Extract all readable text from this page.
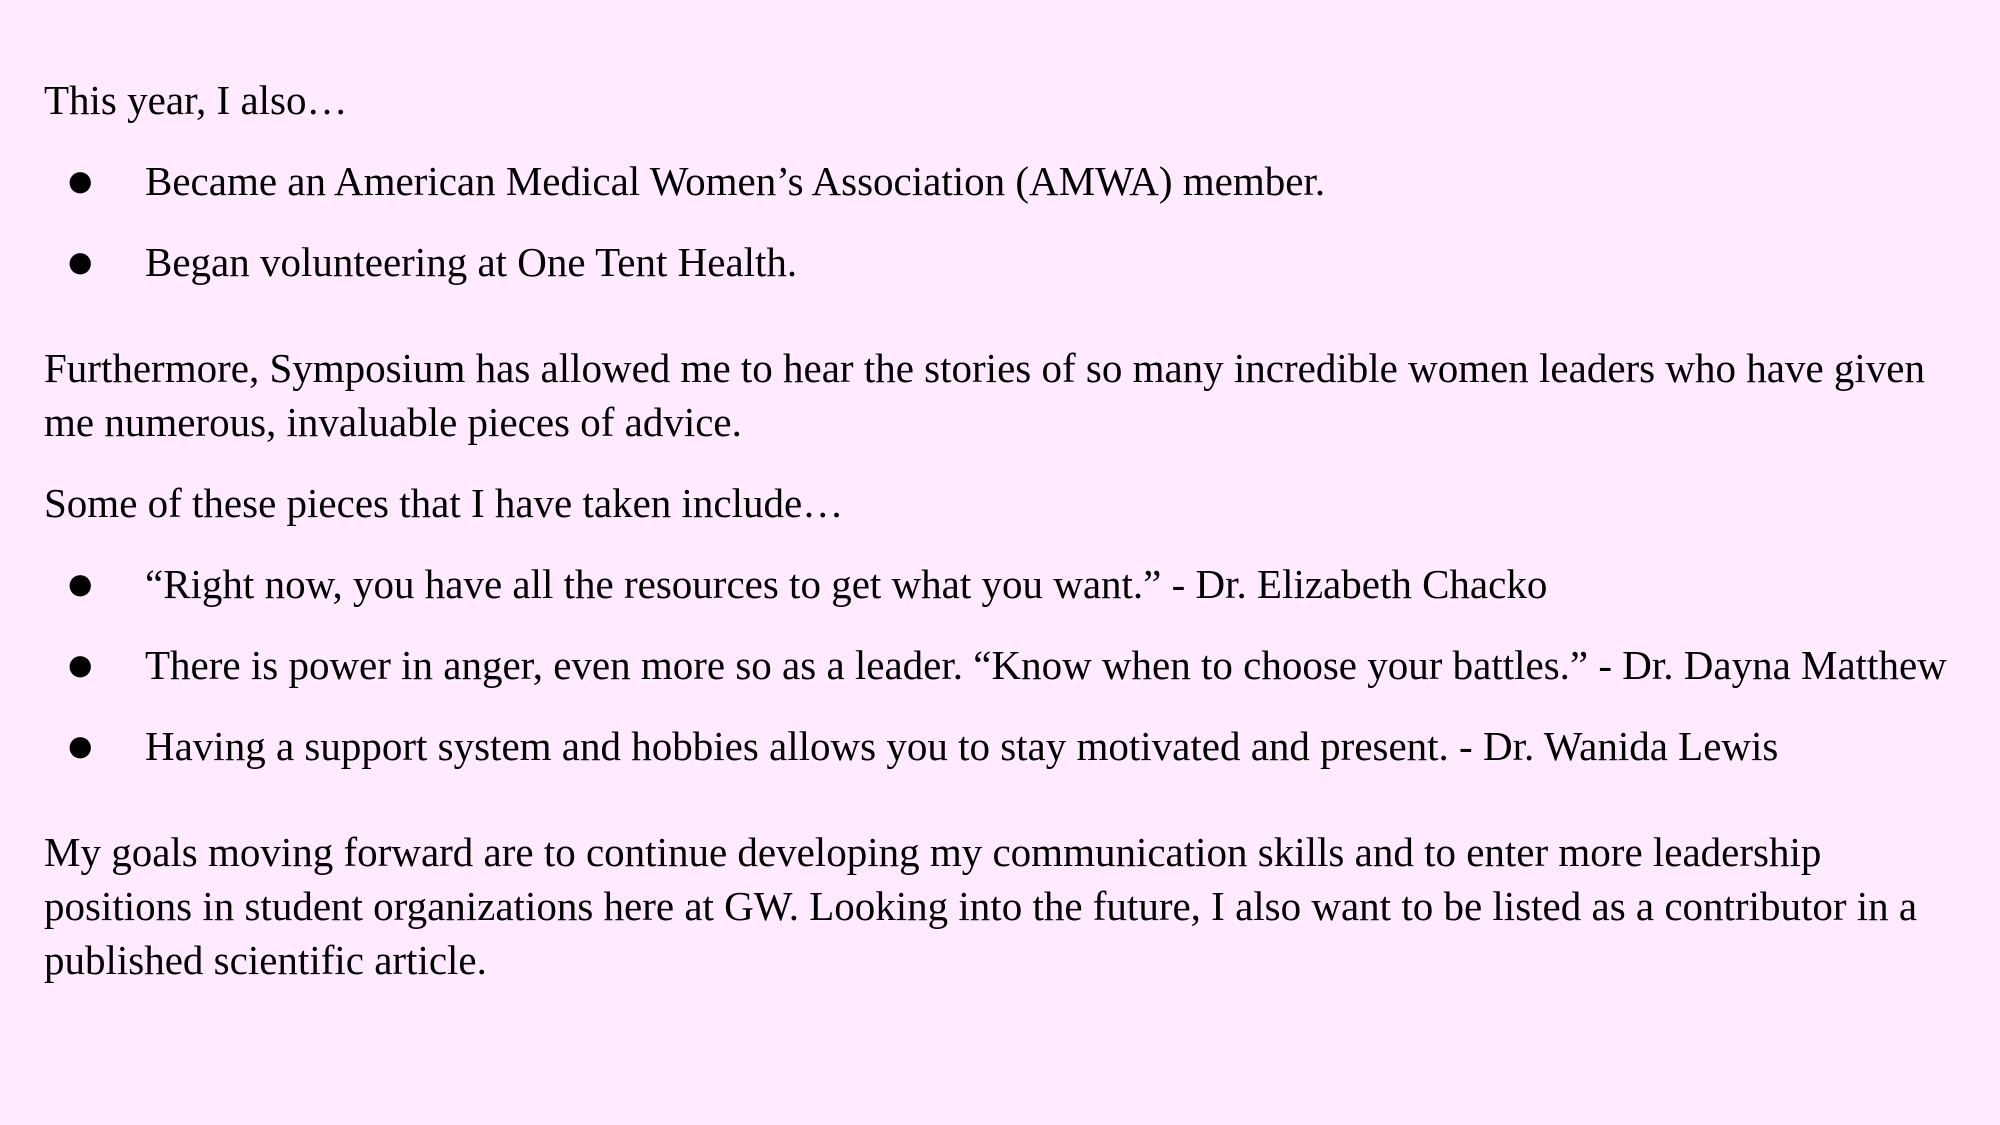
This year, I also…

● Became an American Medical Women’s Association (AMWA) member.
● Began volunteering at One Tent Health.

Furthermore, Symposium has allowed me to hear the stories of so many incredible women leaders who have given me numerous, invaluable pieces of advice.

Some of these pieces that I have taken include…

● “Right now, you have all the resources to get what you want.” - Dr. Elizabeth Chacko
● There is power in anger, even more so as a leader. “Know when to choose your battles.” - Dr. Dayna Matthew
● Having a support system and hobbies allows you to stay motivated and present. - Dr. Wanida Lewis

My goals moving forward are to continue developing my communication skills and to enter more leadership positions in student organizations here at GW. Looking into the future, I also want to be listed as a contributor in a published scientific article.
